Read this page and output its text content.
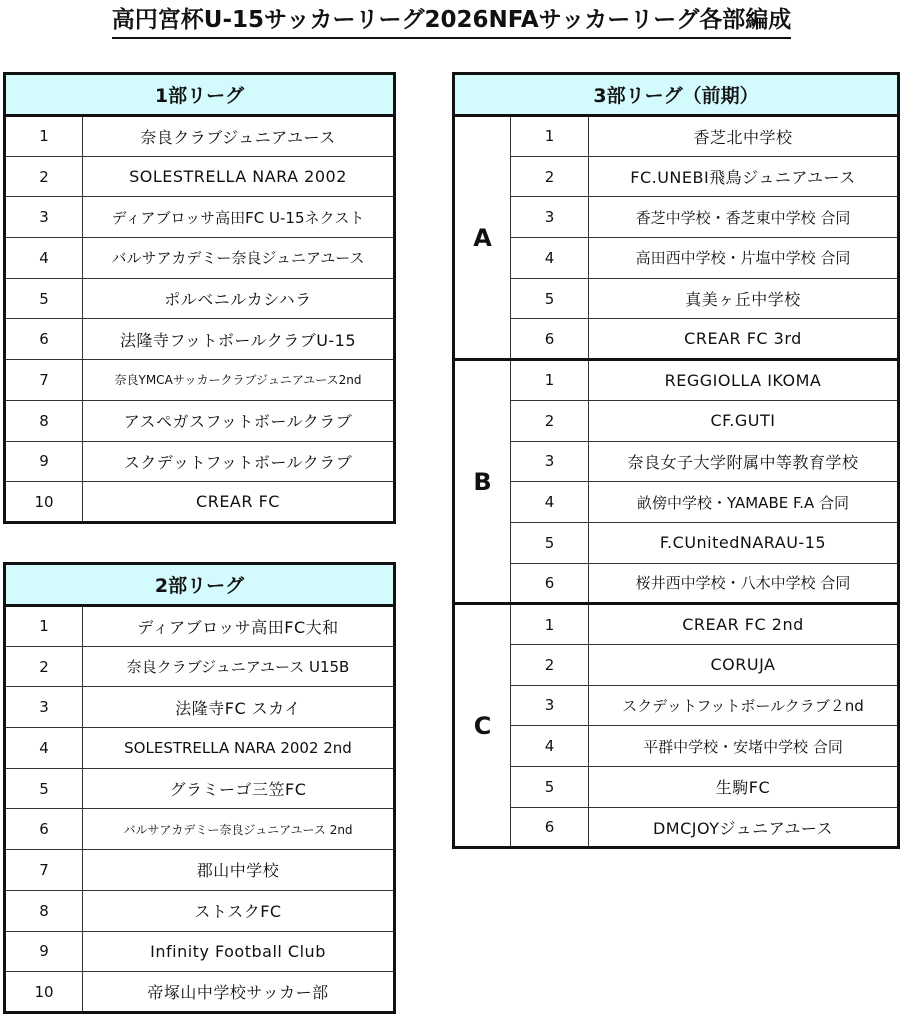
高円宮杯U-15サッカーリーグ2026NFAサッカーリーグ各部編成
1部リーグ	
1	奈良クラブジュニアユース
2	SOLESTRELLA NARA 2002
3	ディアブロッサ高田FC U-15ネクスト
4	バルサアカデミー奈良ジュニアユース
5	ポルベニルカシハラ
6	法隆寺フットボールクラブU-15
7	奈良YMCAサッカークラブジュニアユース2nd
8	アスペガスフットボールクラブ
9	スクデットフットボールクラブ
10	CREAR FC
2部リーグ	
1	ディアブロッサ高田FC大和
2	奈良クラブジュニアユース U15B
3	法隆寺FC スカイ
4	SOLESTRELLA NARA 2002 2nd
5	グラミーゴ三笠FC
6	バルサアカデミー奈良ジュニアユース 2nd
7	郡山中学校
8	ストスクFC
9	Infinity Football Club
10	帝塚山中学校サッカー部
3部リーグ（前期）		
A	1	香芝北中学校
	2	FC.UNEBI飛鳥ジュニアユース
	3	香芝中学校・香芝東中学校 合同
	4	高田西中学校・片塩中学校 合同
	5	真美ヶ丘中学校
	6	CREAR FC 3rd
B	1	REGGIOLLA IKOMA
	2	CF.GUTI
	3	奈良女子大学附属中等教育学校
	4	畝傍中学校・YAMABE F.A 合同
	5	F.CUnitedNARAU-15
	6	桜井西中学校・八木中学校 合同
C	1	CREAR FC 2nd
	2	CORUJA
	3	スクデットフットボールクラブ２nd
	4	平群中学校・安堵中学校 合同
	5	生駒FC
	6	DMCJOYジュニアユース
